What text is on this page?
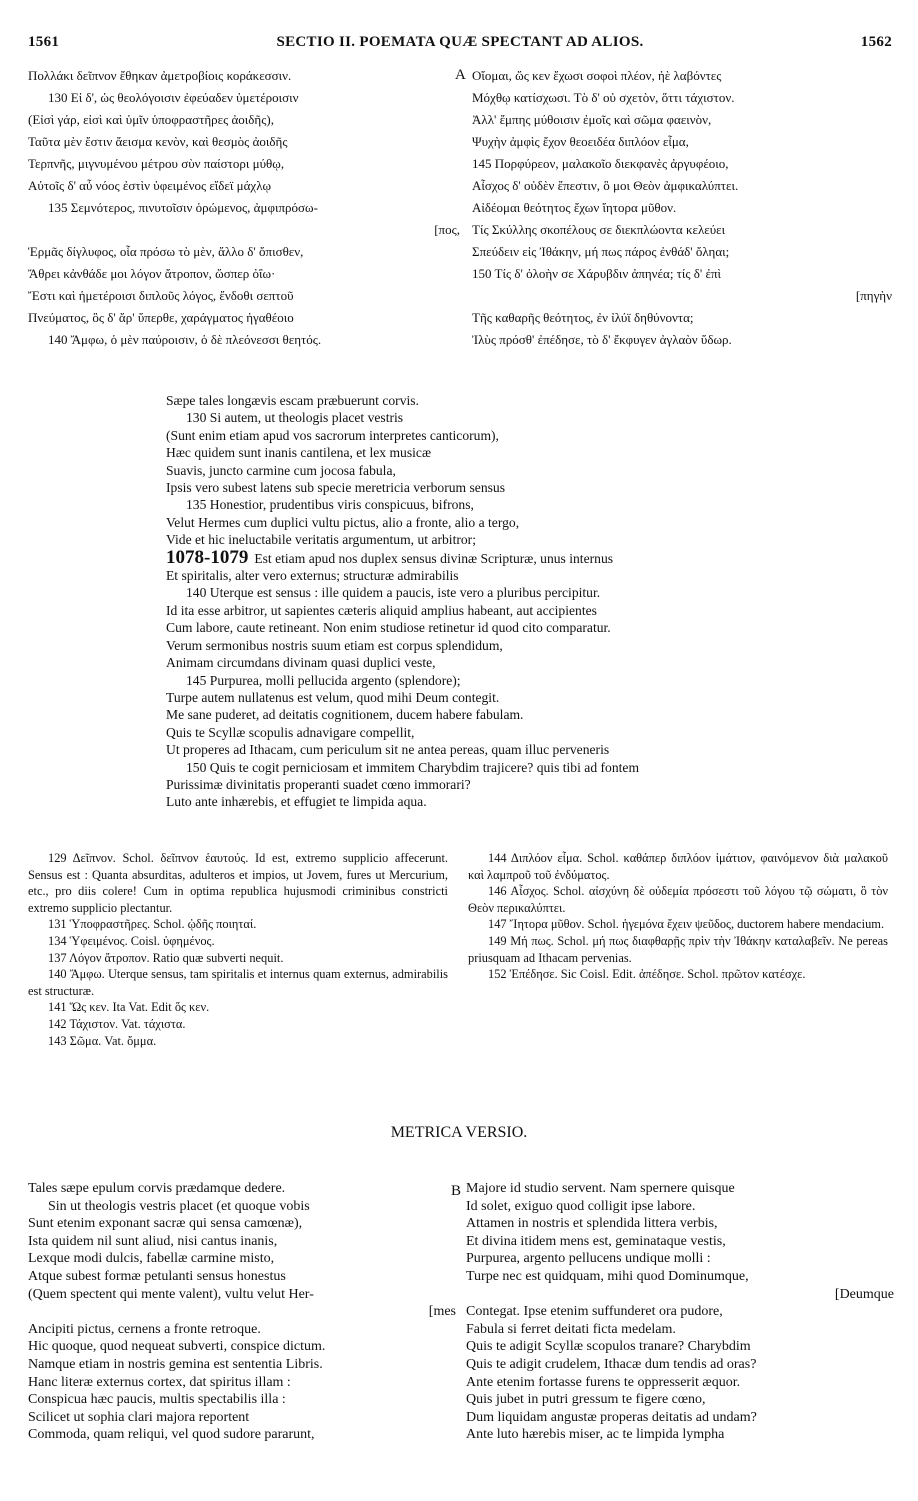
1561	SECTIO II. POEMATA QUÆ SPECTANT AD ALIOS.	1562
Πολλάκι δεῖπνον ἔθηκαν ἀμετροβίοις κοράκεσσιν.
130 Εἰ δ', ὡς θεολόγοισιν ἐφεύαδεν ὑμετέροισιν
(Εἰσὶ γάρ, εἰσὶ καὶ ὑμῖν ὑποφραστῆρες ἀοιδῆς),
Ταῦτα μὲν ἔστιν ἄεισμα κενὸν, καὶ θεσμὸς ἀοιδῆς
Τερπνῆς, μιγνυμένου μέτρου σὺν παίστορι μύθῳ,
Αὐτοῖς δ' αὖ νόος ἐστὶν ὑφειμένος εἴδεϊ μάχλῳ
135 Σεμνότερος, πινυτοῖσιν ὁρώμενος, ἀμφιπρόσω-
[πος,
Ἑρμᾶς δίγλυφος, οἷα πρόσω τὸ μὲν, ἄλλο δ' ὄπισθεν,
Ἄθρει κἀνθάδε μοι λόγον ἄτροπον, ὥσπερ ὀΐω·
Ἔστι καὶ ἡμετέροισι διπλοῦς λόγος, ἔνδοθι σεπτοῦ
Πνεύματος, ὃς δ' ἄρ' ὕπερθε, χαράγματος ἠγαθέοιο
140 Ἄμφω, ὁ μὲν παύροισιν, ὁ δὲ πλεόνεσσι θεητός.
A Οἴομαι, ὥς κεν ἔχωσι σοφοὶ πλέον, ἠὲ λαβόντες
Μόχθῳ κατίσχωσι. Τὸ δ' οὐ σχετὸν, ὅττι τάχιστον.
Ἀλλ' ἔμπης μύθοισιν ἐμοῖς καὶ σῶμα φαεινὸν,
Ψυχὴν ἀμφὶς ἔχον θεοειδέα διπλόον εἶμα,
145 Πορφύρεον, μαλακοῖο διεκφανὲς ἀργυφέοιο,
Αἶσχος δ' οὐδὲν ἔπεστιν, ὃ μοι Θεὸν ἀμφικαλύπτει.
Αἰδέομαι θεότητος ἔχων ἴητορα μῦθον.
Τίς Σκύλλης σκοπέλους σε διεκπλώοντα κελεύει
Σπεύδειν εἰς Ἰθάκην, μή πως πάρος ἐνθάδ' ὄληαι;
150 Τίς δ' ὀλοὴν σε Χάρυβδιν ἀπηνέα; τίς δ' ἐπὶ
[πηγὴν
Τῆς καθαρῆς θεότητος, ἐν ἰλύϊ δηθύνοντα;
Ἰλὺς πρόσθ' ἐπέδησε, τὸ δ' ἔκφυγεν ἀγλαὸν ὕδωρ.
Sæpe tales longævis escam præbuerunt corvis.
130 Si autem, ut theologis placet vestris
(Sunt enim etiam apud vos sacrorum interpretes canticorum),
Hæc quidem sunt inanis cantilena, et lex musicæ
Suavis, juncto carmine cum jocosa fabula,
Ipsis vero subest latens sub specie meretricia verborum sensus
135 Honestior, prudentibus viris conspicuus, bifrons,
Velut Hermes cum duplici vultu pictus, alio a fronte, alio a tergo,
Vide et hic ineluctabile veritatis argumentum, ut arbitror;
1078-1079 Est etiam apud nos duplex sensus divinæ Scripturæ, unus internus
Et spiritalis, alter vero externus; structuræ admirabilis
140 Uterque est sensus : ille quidem a paucis, iste vero a pluribus percipitur.
Id ita esse arbitror, ut sapientes cæteris aliquid amplius habeant, aut accipientes
Cum labore, caute retineant. Non enim studiose retinetur id quod cito comparatur.
Verum sermonibus nostris suum etiam est corpus splendidum,
Animam circumdans divinam quasi duplici veste,
145 Purpurea, molli pellucida argento (splendore);
Turpe autem nullatenus est velum, quod mihi Deum contegit.
Me sane puderet, ad deitatis cognitionem, ducem habere fabulam.
Quis te Scyllæ scopulis adnavigare compellit,
Ut properes ad Ithacam, cum periculum sit ne antea pereas, quam illuc perveneris
150 Quis te cogit perniciosam et immitem Charybdim trajicere? quis tibi ad fontem
Purissimæ divinitatis properanti suadet cœno immorari?
Luto ante inhærebis, et effugiet te limpida aqua.

129 Δεῖπνον. Schol. δεῖπνον ἑαυτούς. Id est, extremo supplicio affecerunt. Sensus est : Quanta absurditas, adulteros et impios, ut Jovem, fures ut Mercurium, etc., pro diis colere! Cum in optima republica hujusmodi criminibus constricti extremo supplicio plectantur.

131 Ὑποφραστῆρες. Schol. ᾠδῆς ποιηταί.

134 Ὑφειμένος. Coisl. ὑφημένος.

137 Λόγον ἄτροπον. Ratio quæ subverti nequit.

140 Ἄμφω. Uterque sensus, tam spiritalis et internus quam externus, admirabilis est structuræ.

141 Ὥς κεν. Ita Vat. Edit ὅς κεν.

142 Τάχιστον. Vat. τάχιστα.

143 Σῶμα. Vat. ὄμμα.

144 Διπλόον εἶμα. Schol. καθάπερ διπλόον ἱμάτιον, φαινόμενον διὰ μαλακοῦ καὶ λαμπροῦ τοῦ ἐνδύματος.

146 Αἶσχος. Schol. αἰσχύνη δὲ οὐδεμία πρόσεστι τοῦ λόγου τῷ σώματι, ὃ τὸν Θεὸν περικαλύπτει.

147 Ἴητορα μῦθον. Schol. ἡγεμόνα ἔχειν ψεῦδος, ductorem habere mendacium.

149 Μή πως. Schol. μή πως διαφθαρῇς πρὶν τὴν Ἰθάκην καταλαβεῖν. Ne pereas priusquam ad Ithacam pervenias.

152 Ἐπέδησε. Sic Coisl. Edit. ἀπέδησε. Schol. πρῶτον κατέσχε.

METRICA VERSIO.
Tales sæpe epulum corvis prædamque dedere.
Sin ut theologis vestris placet (et quoque vobis
Sunt etenim exponant sacræ qui sensa camœnæ),
Ista quidem nil sunt aliud, nisi cantus inanis,
Lexque modi dulcis, fabellæ carmine misto,
Atque subest formæ petulanti sensus honestus
(Quem spectent qui mente valent), vultu velut Her-
[mes
Ancipiti pictus, cernens a fronte retroque.
Hic quoque, quod nequeat subverti, conspice dictum.
Namque etiam in nostris gemina est sententia Libris.
Hanc literæ externus cortex, dat spiritus illam :
Conspicua hæc paucis, multis spectabilis illa :
Scilicet ut sophia clari majora reportent
Commoda, quam reliqui, vel quod sudore pararunt,
B Majore id studio servent. Nam spernere quisque
Id solet, exiguo quod colligit ipse labore.
Attamen in nostris et splendida littera verbis,
Et divina itidem mens est, geminataque vestis,
Purpurea, argento pellucens undique molli :
Turpe nec est quidquam, mihi quod Dominumque,
[Deumque
Contegat. Ipse etenim suffunderet ora pudore,
Fabula si ferret deitati ficta medelam.
Quis te adigit Scyllæ scopulos tranare? Charybdim
Quis te adigit crudelem, Ithacæ dum tendis ad oras?
Ante etenim fortasse furens te oppresserit æquor.
Quis jubet in putri gressum te figere cœno,
Dum liquidam angustæ properas deitatis ad undam?
Ante luto hærebis miser, ac te limpida lympha
